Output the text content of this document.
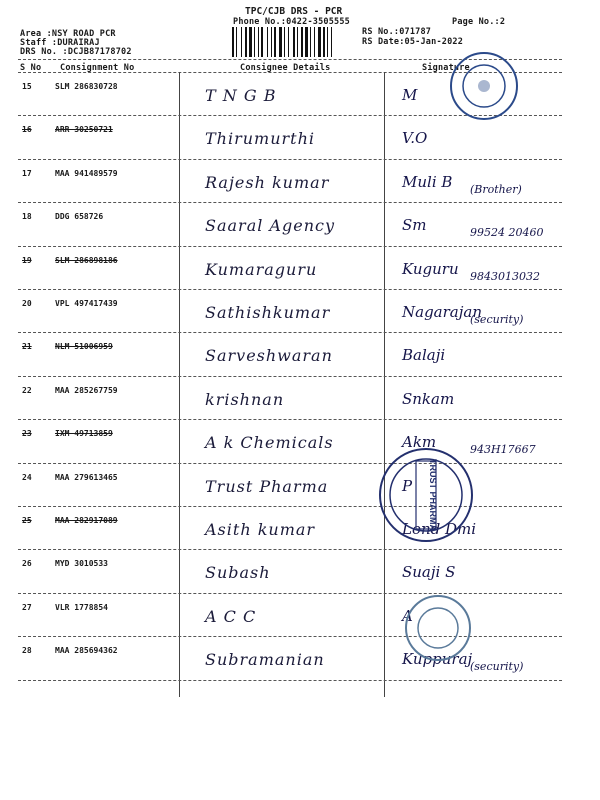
TPC/CJB DRS - PCR
Phone No.:0422-3505555
Area :NSY ROAD PCR
Staff :DURAIRAJ
DRS No. :DCJB87178702
RS No.:071787
RS Date:05-Jan-2022
Page No.:2
S No Consignment No	Consignee Details	Signature
15	SLM 286830728	T N G B	M
16	ARR 30250721	Thirumurthi	V.O
17	MAA 941489579	Rajesh kumar	Muli B (Brother)
18	DDG 658726	Saaral Agency	Sm	99524 20460
19	SLM 286898186	Kumaraguru	Kuguru 9843013032
20	VPL 497417439	Sathishkumar	Nagarajan
(security)
21	NLM 51006959	Sarveshwaran	Balaji
22	MAA 285267759	krishnan	Snkam
23	IXM 49713859	A k Chemicals	Akm	943H17667
24	MAA 279613465	Trust Pharma	P
25	MAA 282917089	Asith kumar	Lond Dmi
26	MYD 3010533	Subash	Suaji S
27	VLR 1778854	A C C	A
28	MAA 285694362	Subramanian	Kuppuraj
(security)
TRUST PHARMA
